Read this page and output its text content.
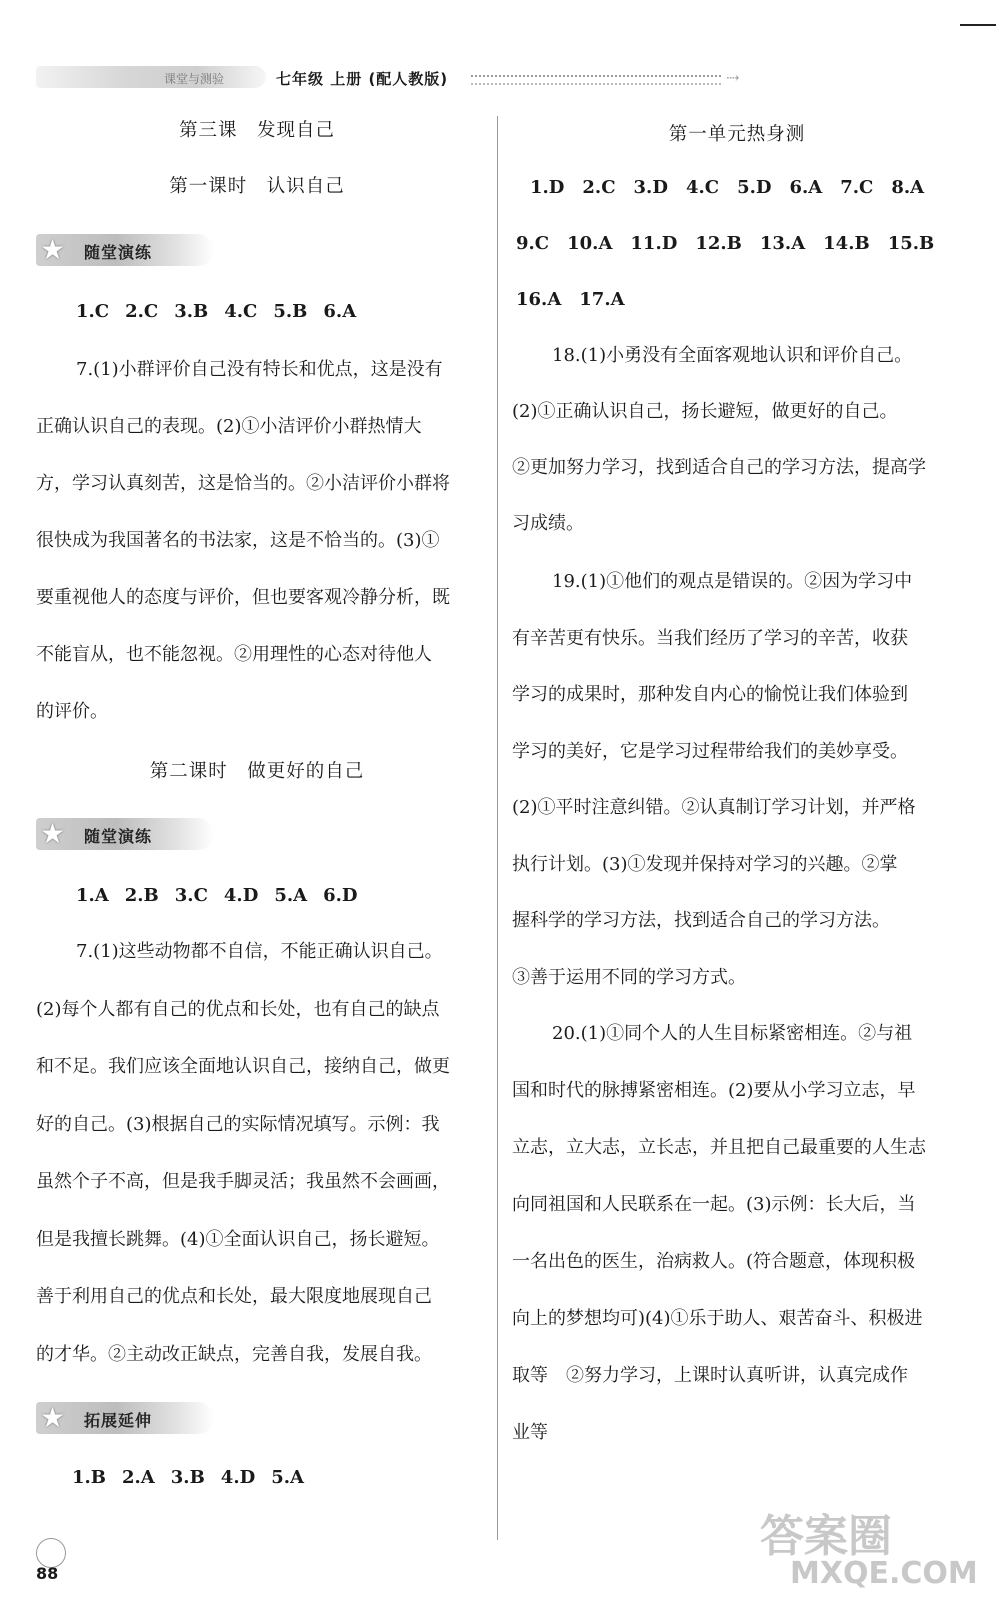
课堂与测验	七年级 上册 (配人教版)	⇢
第三课　发现自己
第一课时　认识自己
★ 随堂演练
1.C 2.C 3.B 4.C 5.B 6.A
7.(1)小群评价自己没有特长和优点，这是没有
正确认识自己的表现。(2)①小洁评价小群热情大
方，学习认真刻苦，这是恰当的。②小洁评价小群将
很快成为我国著名的书法家，这是不恰当的。(3)①
要重视他人的态度与评价，但也要客观冷静分析，既
不能盲从，也不能忽视。②用理性的心态对待他人
的评价。
第二课时　做更好的自己
★ 随堂演练
1.A 2.B 3.C 4.D 5.A 6.D
7.(1)这些动物都不自信，不能正确认识自己。
(2)每个人都有自己的优点和长处，也有自己的缺点
和不足。我们应该全面地认识自己，接纳自己，做更
好的自己。(3)根据自己的实际情况填写。示例：我
虽然个子不高，但是我手脚灵活；我虽然不会画画，
但是我擅长跳舞。(4)①全面认识自己，扬长避短。
善于利用自己的优点和长处，最大限度地展现自己
的才华。②主动改正缺点，完善自我，发展自我。
★ 拓展延伸
1.B 2.A 3.B 4.D 5.A
第一单元热身测
1.D 2.C 3.D 4.C 5.D 6.A 7.C 8.A
9.C 10.A 11.D 12.B 13.A 14.B 15.B
16.A 17.A
18.(1)小勇没有全面客观地认识和评价自己。
(2)①正确认识自己，扬长避短，做更好的自己。
②更加努力学习，找到适合自己的学习方法，提高学
习成绩。
19.(1)①他们的观点是错误的。②因为学习中
有辛苦更有快乐。当我们经历了学习的辛苦，收获
学习的成果时，那种发自内心的愉悦让我们体验到
学习的美好，它是学习过程带给我们的美妙享受。
(2)①平时注意纠错。②认真制订学习计划，并严格
执行计划。(3)①发现并保持对学习的兴趣。②掌
握科学的学习方法，找到适合自己的学习方法。
③善于运用不同的学习方式。
20.(1)①同个人的人生目标紧密相连。②与祖
国和时代的脉搏紧密相连。(2)要从小学习立志，早
立志，立大志，立长志，并且把自己最重要的人生志
向同祖国和人民联系在一起。(3)示例：长大后，当
一名出色的医生，治病救人。(符合题意，体现积极
向上的梦想均可)(4)①乐于助人、艰苦奋斗、积极进
取等　②努力学习，上课时认真听讲，认真完成作
业等
88
答案圈
MXQE.COM
